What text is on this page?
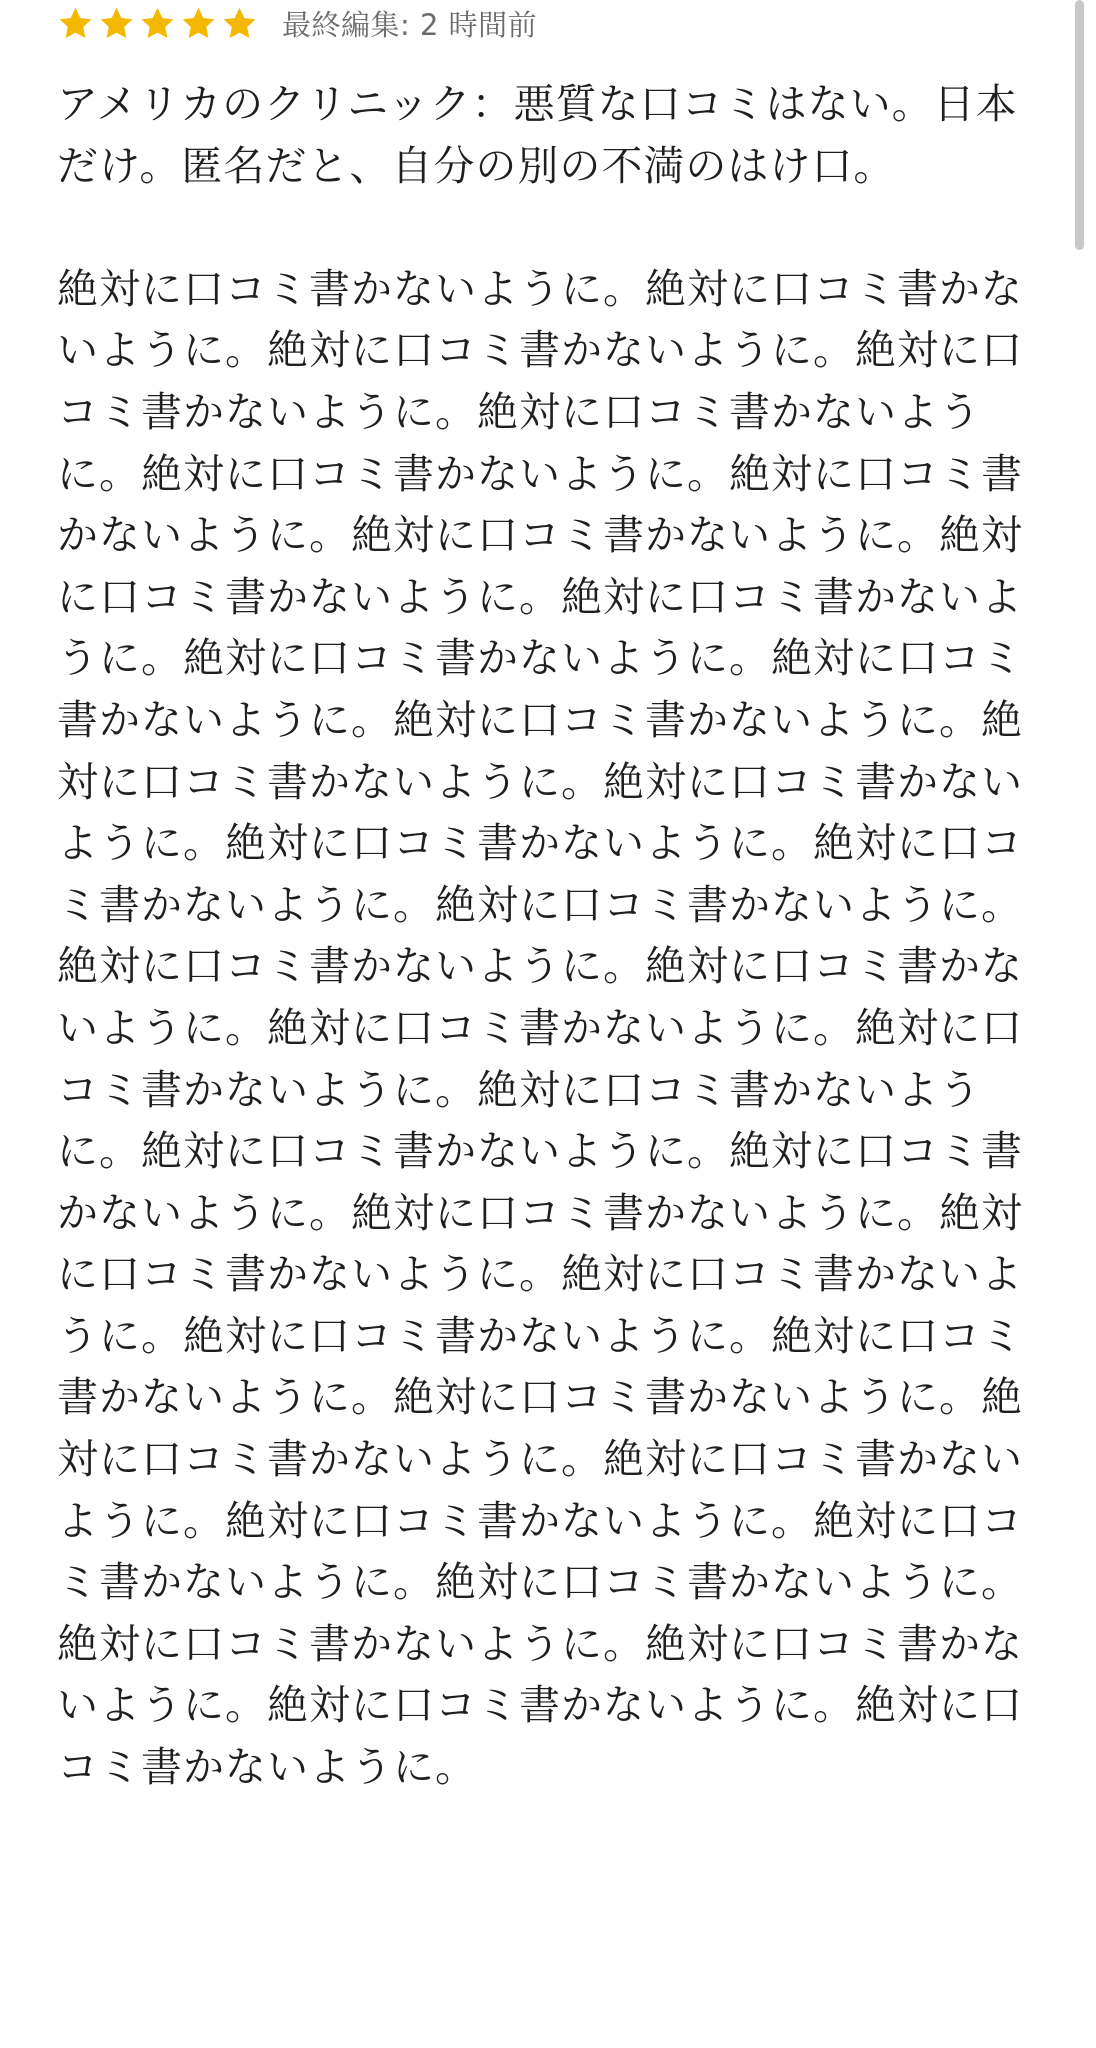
最終編集: 2 時間前
アメリカのクリニック：悪質な口コミはない。日本だけ。匿名だと、自分の別の不満のはけ口。

絶対に口コミ書かないように。絶対に口コミ書かないように。絶対に口コミ書かないように。絶対に口コミ書かないように。絶対に口コミ書かないように。絶対に口コミ書かないように。絶対に口コミ書かないように。絶対に口コミ書かないように。絶対に口コミ書かないように。絶対に口コミ書かないように。絶対に口コミ書かないように。絶対に口コミ書かないように。絶対に口コミ書かないように。絶対に口コミ書かないように。絶対に口コミ書かないように。絶対に口コミ書かないように。絶対に口コミ書かないように。絶対に口コミ書かないように。絶対に口コミ書かないように。絶対に口コミ書かないように。絶対に口コミ書かないように。絶対に口コミ書かないように。絶対に口コミ書かないように。絶対に口コミ書かないように。絶対に口コミ書かないように。絶対に口コミ書かないように。絶対に口コミ書かないように。絶対に口コミ書かないように。絶対に口コミ書かないように。絶対に口コミ書かないように。絶対に口コミ書かないように。絶対に口コミ書かないように。絶対に口コミ書かないように。絶対に口コミ書かないように。絶対に口コミ書かないように。絶対に口コミ書かないように。絶対に口コミ書かないように。絶対に口コミ書かないように。絶対に口コミ書かないように。絶対に口コミ書かないように。
